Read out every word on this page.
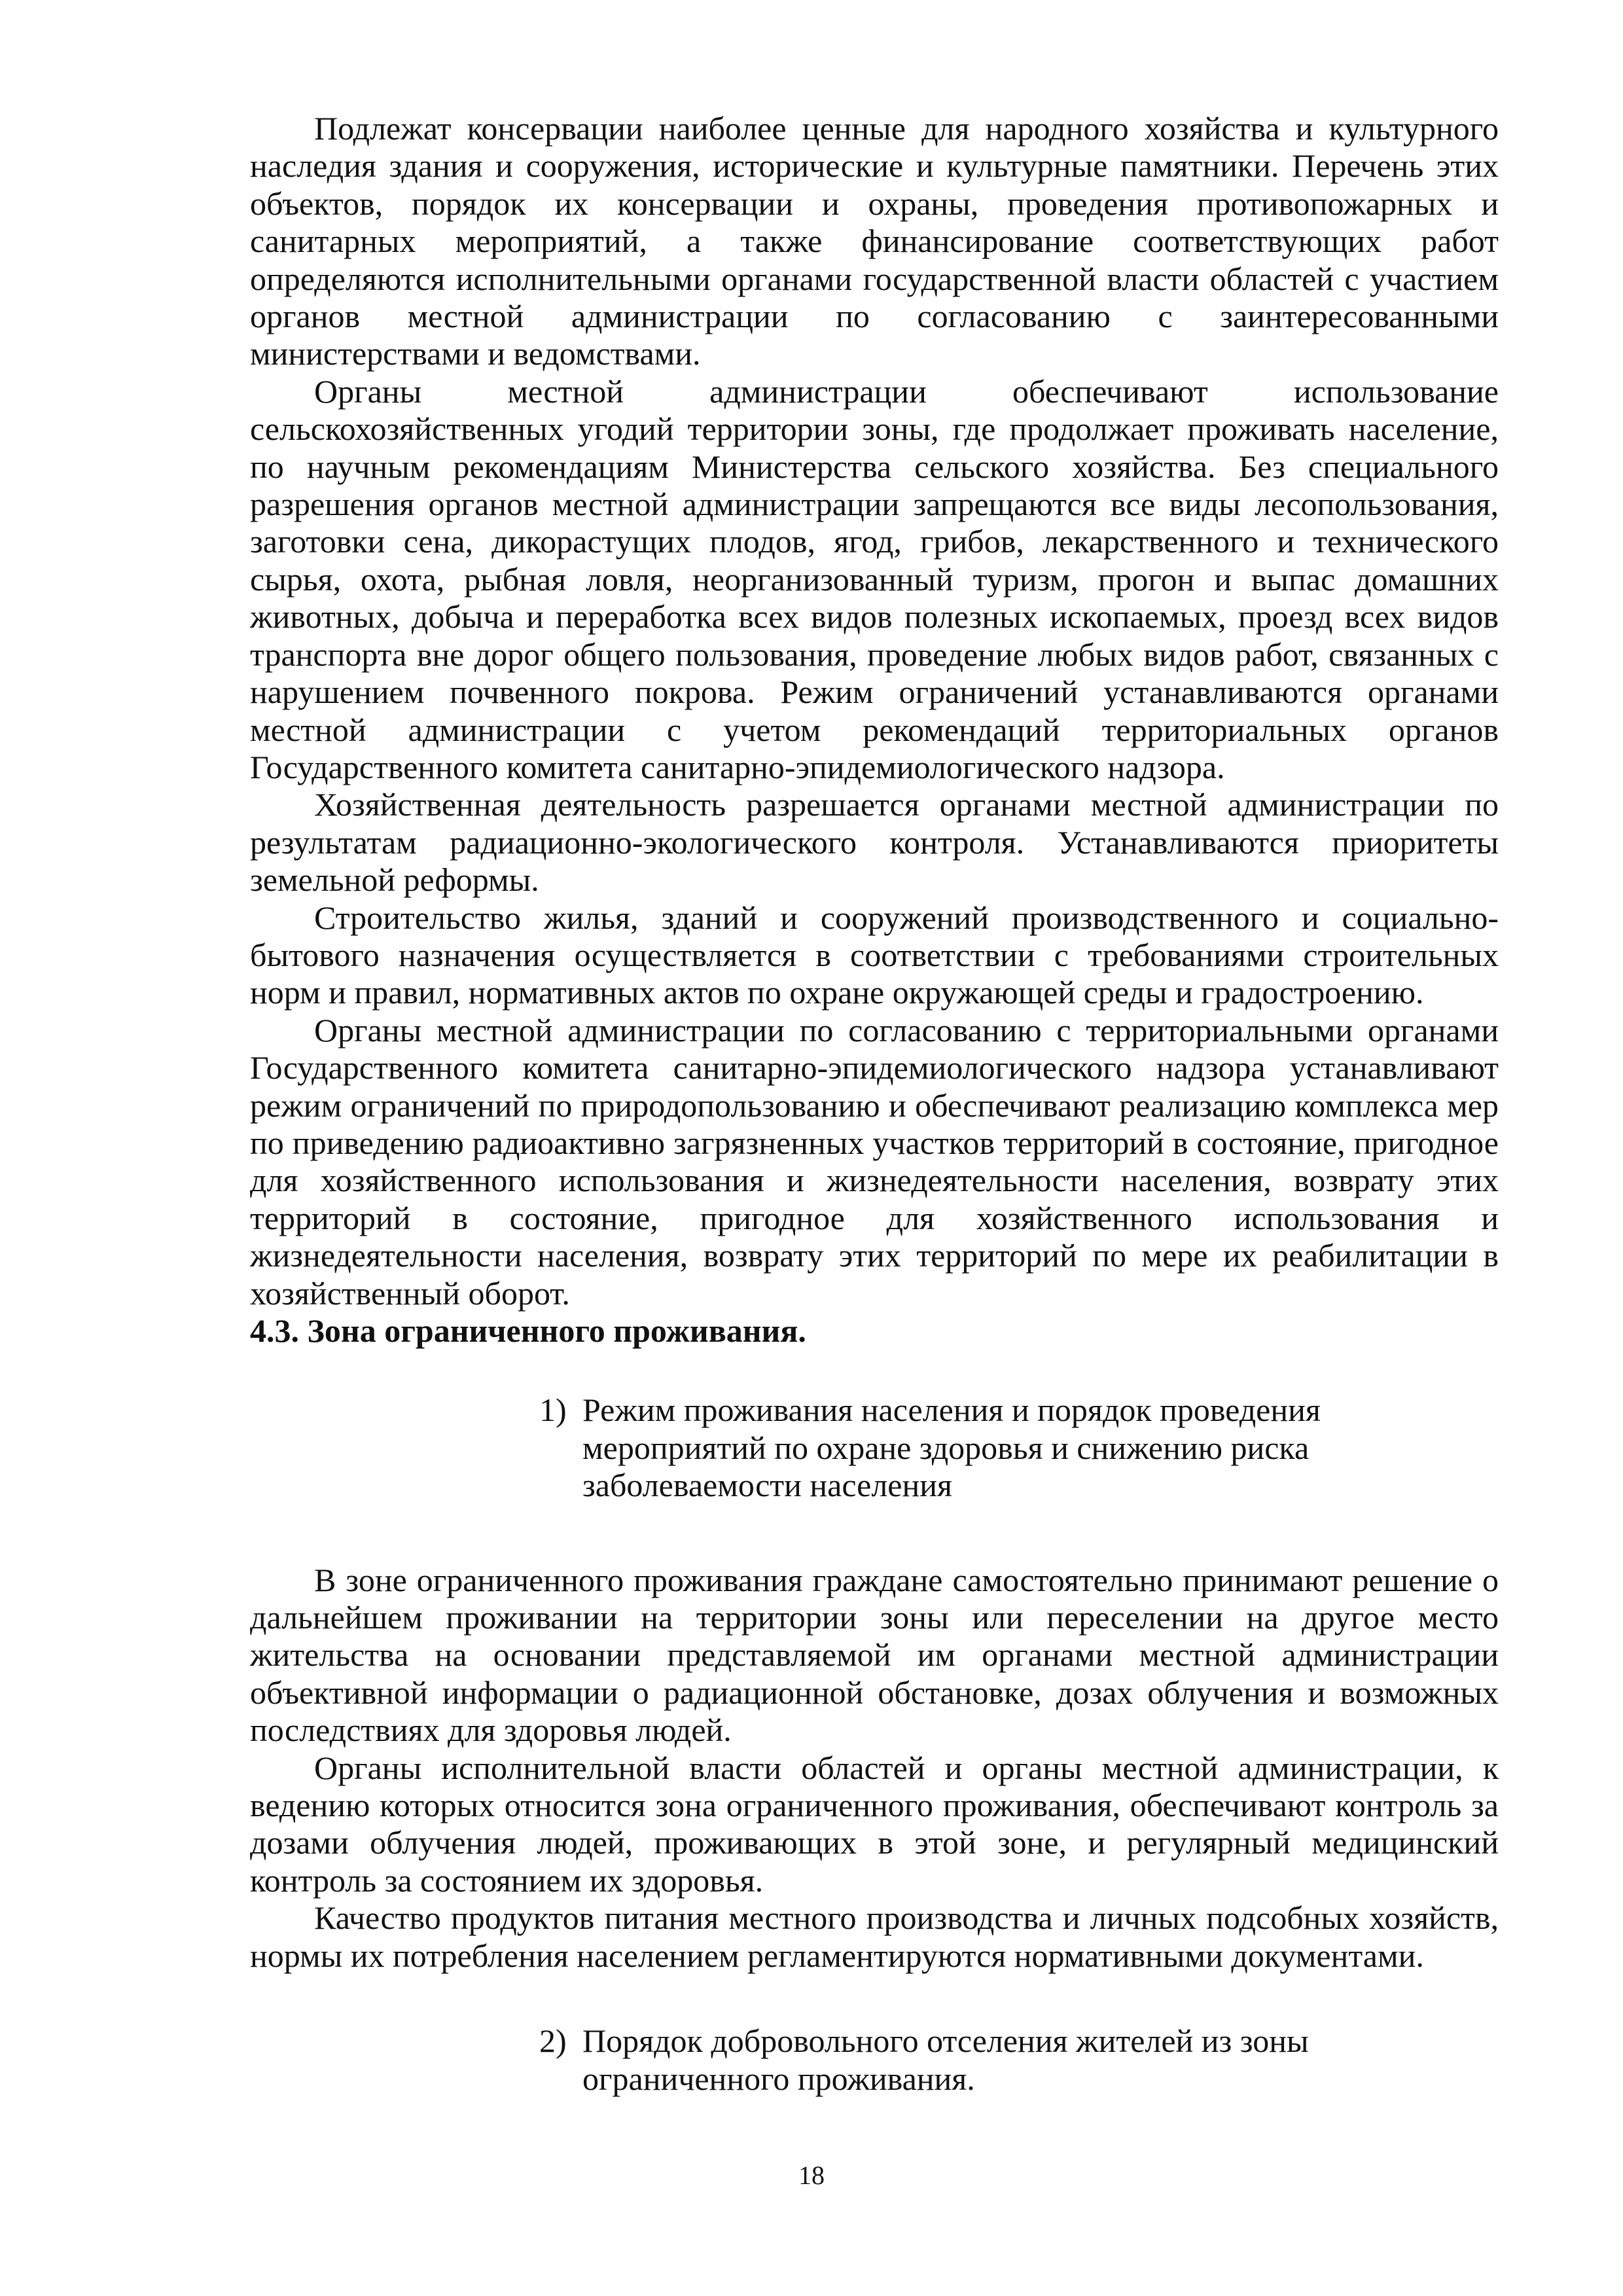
Подлежат консервации наиболее ценные для народного хозяйства и культурного наследия здания и сооружения, исторические и культурные памятники. Перечень этих объектов, порядок их консервации и охраны, проведения противопожарных и санитарных мероприятий, а также финансирование соответствующих работ определяются исполнительными органами государственной власти областей с участием органов местной администрации по согласованию с заинтересованными министерствами и ведомствами.

Органы местной администрации обеспечивают использование сельскохозяйственных угодий территории зоны, где продолжает проживать население, по научным рекомендациям Министерства сельского хозяйства. Без специального разрешения органов местной администрации запрещаются все виды лесопользования, заготовки сена, дикорастущих плодов, ягод, грибов, лекарственного и технического сырья, охота, рыбная ловля, неорганизованный туризм, прогон и выпас домашних животных, добыча и переработка всех видов полезных ископаемых, проезд всех видов транспорта вне дорог общего пользования, проведение любых видов работ, связанных с нарушением почвенного покрова. Режим ограничений устанавливаются органами местной администрации с учетом рекомендаций территориальных органов Государственного комитета санитарно-эпидемиологического надзора.

Хозяйственная деятельность разрешается органами местной администрации по результатам радиационно-экологического контроля. Устанавливаются приоритеты земельной реформы.

Строительство жилья, зданий и сооружений производственного и социально-бытового назначения осуществляется в соответствии с требованиями строительных норм и правил, нормативных актов по охране окружающей среды и градостроению.

Органы местной администрации по согласованию с территориальными органами Государственного комитета санитарно-эпидемиологического надзора устанавливают режим ограничений по природопользованию и обеспечивают реализацию комплекса мер по приведению радиоактивно загрязненных участков территорий в состояние, пригодное для хозяйственного использования и жизнедеятельности населения, возврату этих территорий в состояние, пригодное для хозяйственного использования и жизнедеятельности населения, возврату этих территорий по мере их реабилитации в хозяйственный оборот.

4.3. Зона ограниченного проживания.

1) Режим проживания населения и порядок проведения мероприятий по охране здоровья и снижению риска заболеваемости населения

В зоне ограниченного проживания граждане самостоятельно принимают решение о дальнейшем проживании на территории зоны или переселении на другое место жительства на основании представляемой им органами местной администрации объективной информации о радиационной обстановке, дозах облучения и возможных последствиях для здоровья людей.

Органы исполнительной власти областей и органы местной администрации, к ведению которых относится зона ограниченного проживания, обеспечивают контроль за дозами облучения людей, проживающих в этой зоне, и регулярный медицинский контроль за состоянием их здоровья.

Качество продуктов питания местного производства и личных подсобных хозяйств, нормы их потребления населением регламентируются нормативными документами.

2) Порядок добровольного отселения жителей из зоны ограниченного проживания.
18
